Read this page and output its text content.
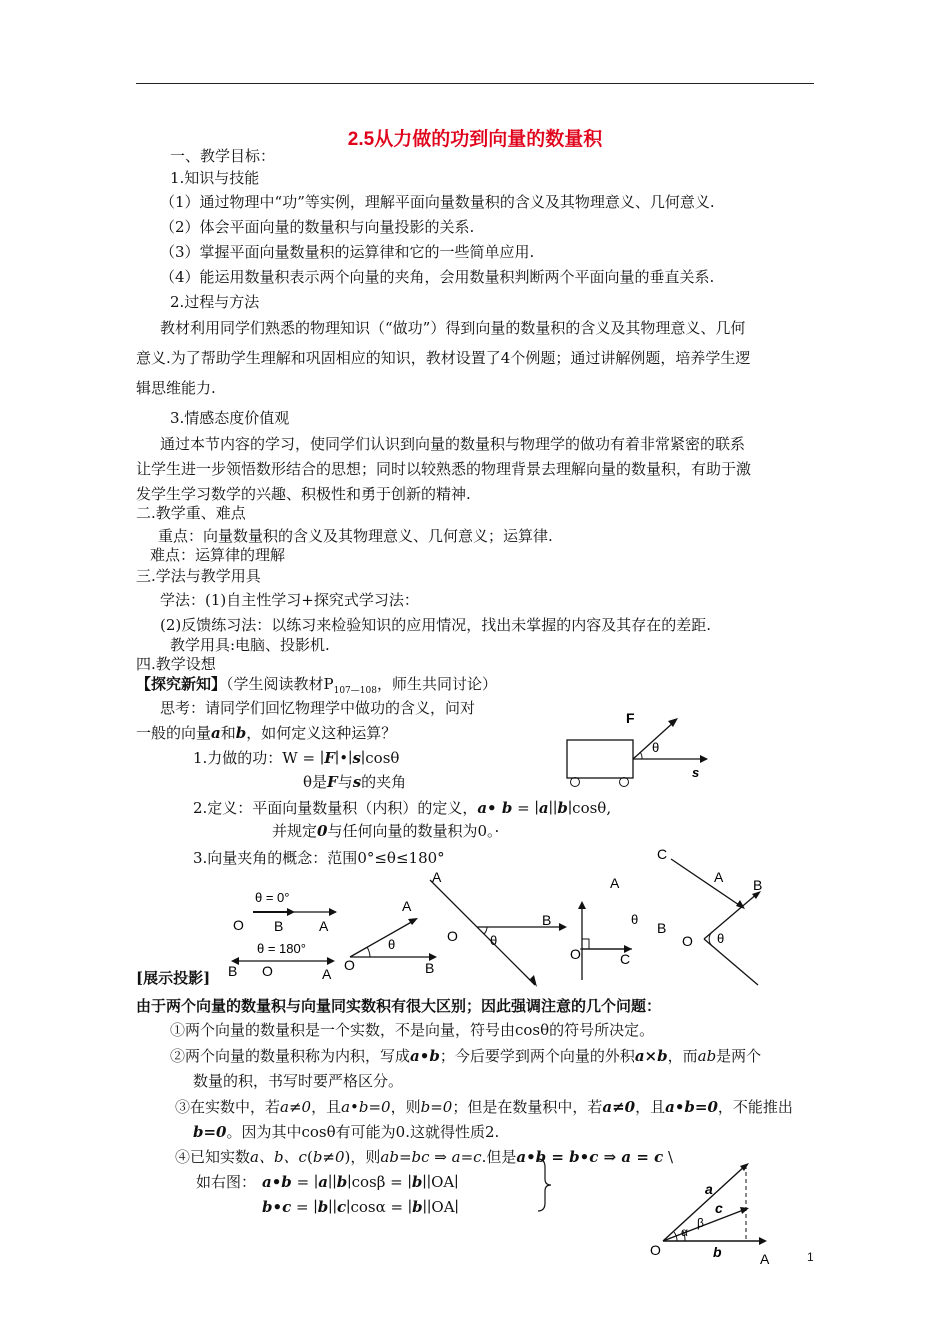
2.5从力做的功到向量的数量积
一、教学目标：
1.知识与技能
（1）通过物理中“功”等实例，理解平面向量数量积的含义及其物理意义、几何意义.
（2）体会平面向量的数量积与向量投影的关系.
（3）掌握平面向量数量积的运算律和它的一些简单应用.
（4）能运用数量积表示两个向量的夹角，会用数量积判断两个平面向量的垂直关系.
2.过程与方法
教材利用同学们熟悉的物理知识（“做功”）得到向量的数量积的含义及其物理意义、几何
意义.为了帮助学生理解和巩固相应的知识，教材设置了4个例题；通过讲解例题，培养学生逻
辑思维能力.
3.情感态度价值观
通过本节内容的学习，使同学们认识到向量的数量积与物理学的做功有着非常紧密的联系
让学生进一步领悟数形结合的思想；同时以较熟悉的物理背景去理解向量的数量积，有助于激
发学生学习数学的兴趣、积极性和勇于创新的精神.
二.教学重、难点
重点：向量数量积的含义及其物理意义、几何意义；运算律.
难点：运算律的理解
三.学法与教学用具
学法：(1)自主性学习+探究式学习法：
(2)反馈练习法：以练习来检验知识的应用情况，找出未掌握的内容及其存在的差距.
教学用具:电脑、投影机.
四.教学设想
【探究新知】（学生阅读教材$P_{107—108}$，师生共同讨论）
思考：请同学们回忆物理学中做功的含义，问对
一般的向量a和b，如何定义这种运算？
1.力做的功：W = ∣F∣•∣s∣cosθ
θ是F与s的夹角
2.定义：平面向量数量积（内积）的定义，a• b = ∣a∣∣b∣cosθ,
并规定0与任何向量的数量积为0。·
3.向量夹角的概念：范围0°≤θ≤180°
F
θ
s
θ = 0°
O B	A
θ = 180°
B O	A
A
O	B
θ
A
O
B
θ
A
θ
B
O	C
C
A B
O θ
[展示投影]
由于两个向量的数量积与向量同实数积有很大区别；因此强调注意的几个问题：
①两个向量的数量积是一个实数，不是向量，符号由cosθ的符号所决定。
②两个向量的数量积称为内积，写成a•b；今后要学到两个向量的外积a×b，而ab是两个
数量的积，书写时要严格区分。
③在实数中，若a≠0，且a•b=0，则b=0；但是在数量积中，若a≠0，且a•b=0，不能推出
b=0。因为其中cosθ有可能为0.这就得性质2.
④已知实数a、b、c(b≠0)，则ab=bc ⇒ a=c.但是a•b = b•c ⇒ a = c \
如右图： a•b = ∣a∣∣b∣cosβ = ∣b∣∣OA∣
b•c = ∣b∣∣c∣cosα = ∣b∣∣OA∣
O
A
a
c
b
α
β
1
